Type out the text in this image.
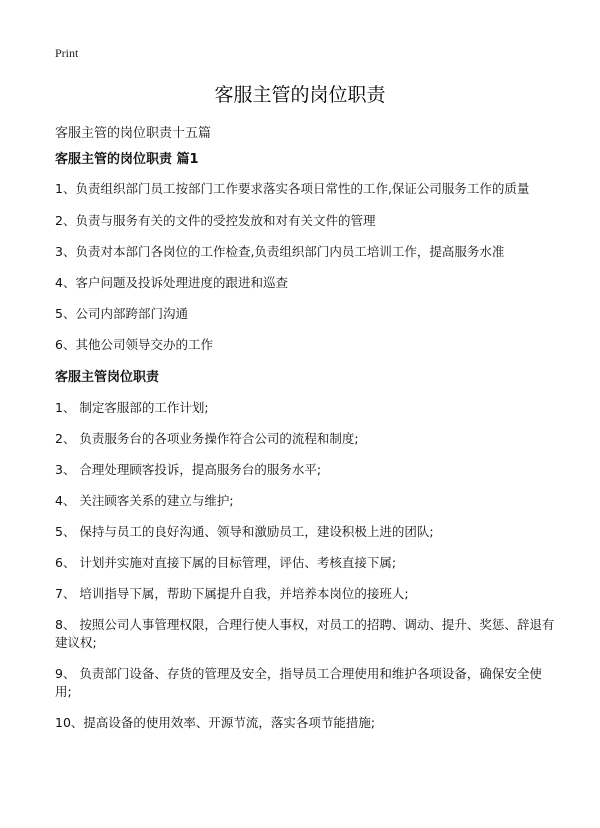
Print
客服主管的岗位职责
客服主管的岗位职责十五篇

客服主管的岗位职责 篇1

1、负责组织部门员工按部门工作要求落实各项日常性的工作,保证公司服务工作的质量

2、负责与服务有关的文件的受控发放和对有关文件的管理

3、负责对本部门各岗位的工作检查,负责组织部门内员工培训工作，提高服务水准

4、客户问题及投诉处理进度的跟进和巡查

5、公司内部跨部门沟通

6、其他公司领导交办的工作

客服主管岗位职责

1、 制定客服部的工作计划;

2、 负责服务台的各项业务操作符合公司的流程和制度;

3、 合理处理顾客投诉，提高服务台的服务水平;

4、 关注顾客关系的建立与维护;

5、 保持与员工的良好沟通、领导和激励员工，建设积极上进的团队;

6、 计划并实施对直接下属的目标管理，评估、考核直接下属;

7、 培训指导下属，帮助下属提升自我，并培养本岗位的接班人;

8、 按照公司人事管理权限，合理行使人事权，对员工的招聘、调动、提升、奖惩、辞退有建议权;

9、 负责部门设备、存货的管理及安全，指导员工合理使用和维护各项设备，确保安全使用;

10、提高设备的使用效率、开源节流，落实各项节能措施;
